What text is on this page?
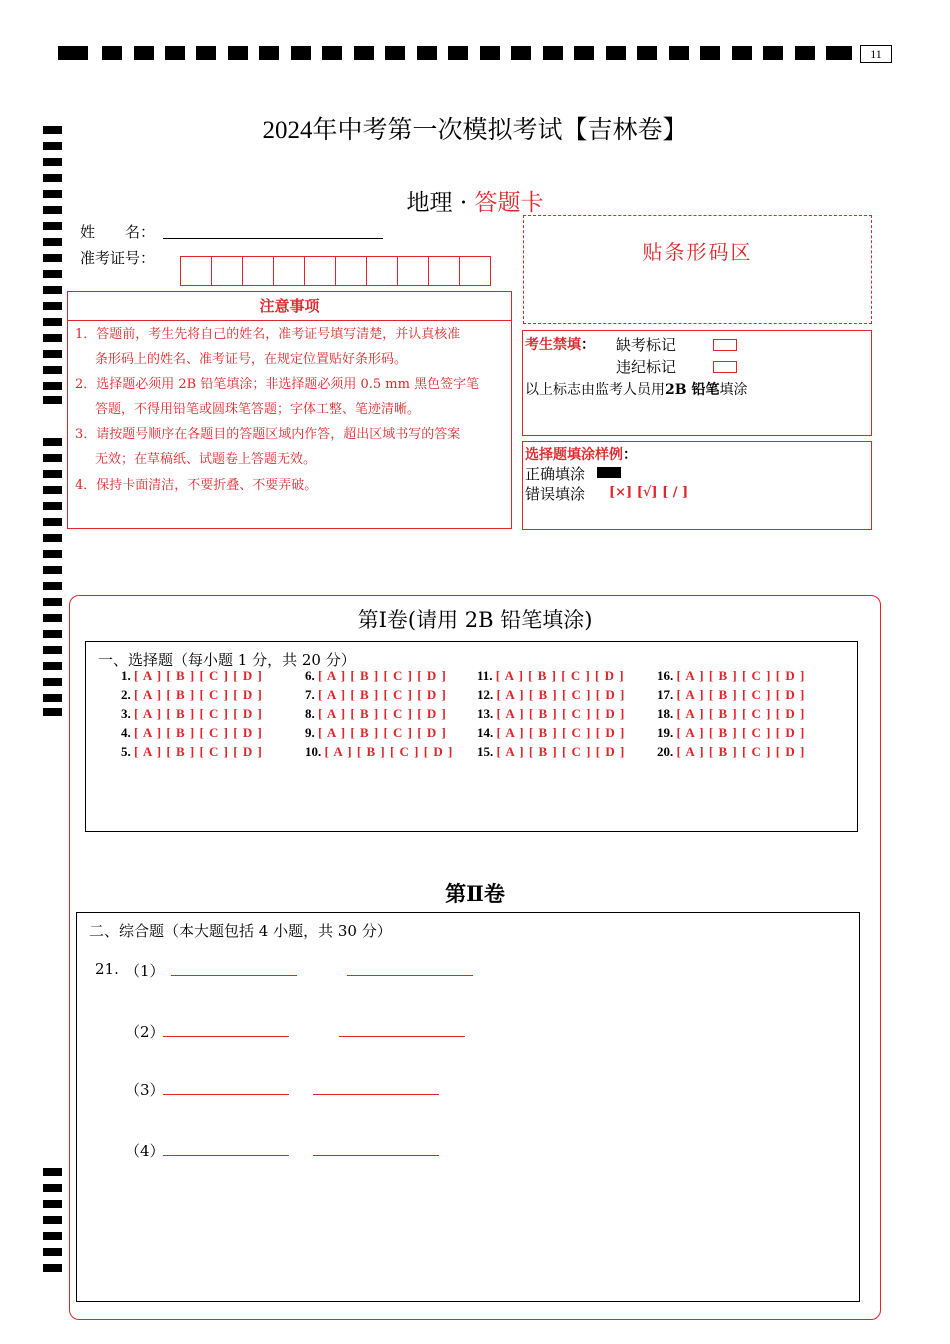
11
2024年中考第一次模拟考试【吉林卷】
地理 · 答题卡
姓　　名：
准考证号：
注意事项
1．答题前，考生先将自己的姓名，准考证号填写清楚，并认真核准
条形码上的姓名、准考证号，在规定位置贴好条形码。
2．选择题必须用 2B 铅笔填涂；非选择题必须用 0.5 mm 黑色签字笔
答题，不得用铅笔或圆珠笔答题；字体工整、笔迹清晰。
3．请按题号顺序在各题目的答题区域内作答，超出区域书写的答案
无效；在草稿纸、试题卷上答题无效。
4．保持卡面清洁，不要折叠、不要弄破。
贴条形码区
考生禁填： 缺考标记
违纪标记
以上标志由监考人员用2B 铅笔填涂
选择题填涂样例：
正确填涂
错误填涂 [×] [√] [ / ]
第Ⅰ卷(请用 2B 铅笔填涂)
一、选择题（每小题 1 分，共 20 分）
1. [ A ] [ B ] [ C ] [ D ]
2. [ A ] [ B ] [ C ] [ D ]
3. [ A ] [ B ] [ C ] [ D ]
4. [ A ] [ B ] [ C ] [ D ]
5. [ A ] [ B ] [ C ] [ D ]
6. [ A ] [ B ] [ C ] [ D ]
7. [ A ] [ B ] [ C ] [ D ]
8. [ A ] [ B ] [ C ] [ D ]
9. [ A ] [ B ] [ C ] [ D ]
10. [ A ] [ B ] [ C ] [ D ]
11. [ A ] [ B ] [ C ] [ D ]
12. [ A ] [ B ] [ C ] [ D ]
13. [ A ] [ B ] [ C ] [ D ]
14. [ A ] [ B ] [ C ] [ D ]
15. [ A ] [ B ] [ C ] [ D ]
16. [ A ] [ B ] [ C ] [ D ]
17. [ A ] [ B ] [ C ] [ D ]
18. [ A ] [ B ] [ C ] [ D ]
19. [ A ] [ B ] [ C ] [ D ]
20. [ A ] [ B ] [ C ] [ D ]
第Ⅱ卷
二、综合题（本大题包括 4 小题，共 30 分）
21. （1）
（2）
（3）
（4）
